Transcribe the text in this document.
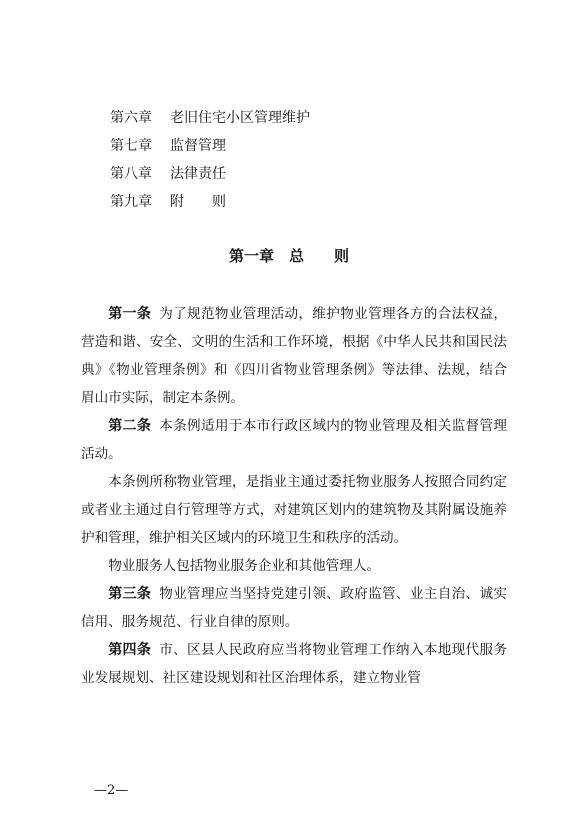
第六章 老旧住宅小区管理维护
第七章 监督管理
第八章 法律责任
第九章 附　　则
第一章　总　　则

第一条 为了规范物业管理活动，维护物业管理各方的合法权益，营造和谐、安全、文明的生活和工作环境，根据《中华人民共和国民法典》《物业管理条例》和《四川省物业管理条例》等法律、法规，结合眉山市实际，制定本条例。

第二条 本条例适用于本市行政区域内的物业管理及相关监督管理活动。

本条例所称物业管理，是指业主通过委托物业服务人按照合同约定或者业主通过自行管理等方式，对建筑区划内的建筑物及其附属设施养护和管理，维护相关区域内的环境卫生和秩序的活动。

物业服务人包括物业服务企业和其他管理人。

第三条 物业管理应当坚持党建引领、政府监管、业主自治、诚实信用、服务规范、行业自律的原则。

第四条 市、区县人民政府应当将物业管理工作纳入本地现代服务业发展规划、社区建设规划和社区治理体系，建立物业管

—2—
